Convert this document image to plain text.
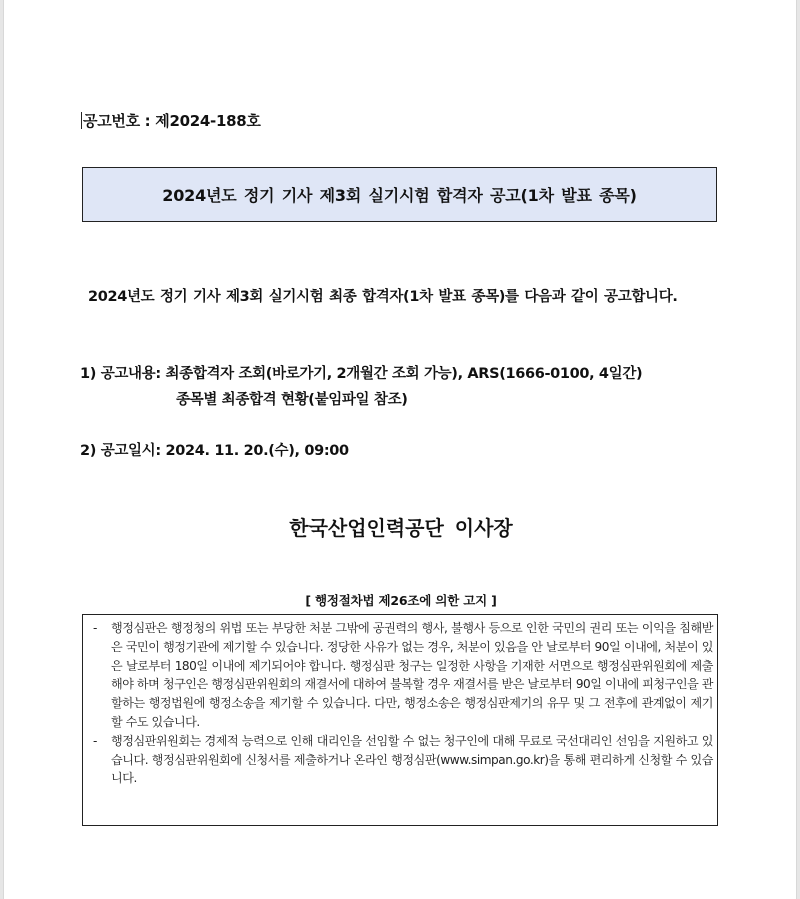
공고번호 : 제2024-188호
2024년도 정기 기사 제3회 실기시험 합격자 공고(1차 발표 종목)
2024년도 정기 기사 제3회 실기시험 최종 합격자(1차 발표 종목)를 다음과 같이 공고합니다.
1) 공고내용: 최종합격자 조회(바로가기, 2개월간 조회 가능), ARS(1666-0100, 4일간)
종목별 최종합격 현황(붙임파일 참조)
2) 공고일시: 2024. 11. 20.(수), 09:00
한국산업인력공단 이사장
[ 행정절차법 제26조에 의한 고지 ]
- 행정심판은 행정청의 위법 또는 부당한 처분 그밖에 공권력의 행사, 불행사 등으로 인한 국민의 권리 또는 이익을 침해받은 국민이 행정기관에 제기할 수 있습니다. 정당한 사유가 없는 경우, 처분이 있음을 안 날로부터 90일 이내에, 처분이 있은 날로부터 180일 이내에 제기되어야 합니다. 행정심판 청구는 일정한 사항을 기재한 서면으로 행정심판위원회에 제출해야 하며 청구인은 행정심판위원회의 재결서에 대하여 불복할 경우 재결서를 받은 날로부터 90일 이내에 피청구인을 관할하는 행정법원에 행정소송을 제기할 수 있습니다. 다만, 행정소송은 행정심판제기의 유무 및 그 전후에 관계없이 제기할 수도 있습니다.
- 행정심판위원회는 경제적 능력으로 인해 대리인을 선임할 수 없는 청구인에 대해 무료로 국선대리인 선임을 지원하고 있습니다. 행정심판위원회에 신청서를 제출하거나 온라인 행정심판(www.simpan.go.kr)을 통해 편리하게 신청할 수 있습니다.
